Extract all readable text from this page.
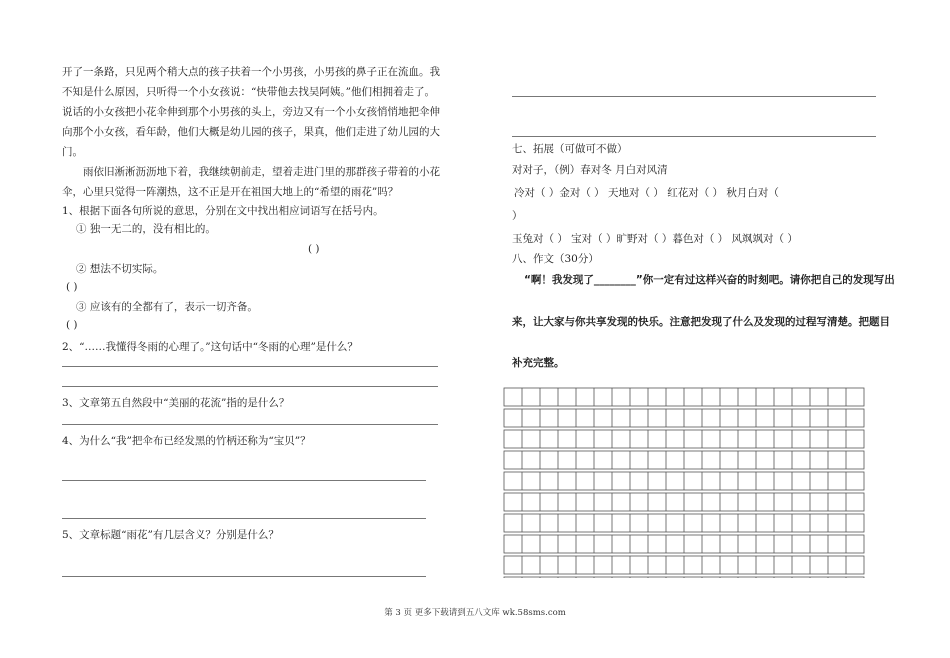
开了一条路，只见两个稍大点的孩子扶着一个小男孩，小男孩的鼻子正在流血。我不知是什么原因，只听得一个小女孩说：“快带他去找吴阿姨。”他们相拥着走了。说话的小女孩把小花伞伸到那个小男孩的头上，旁边又有一个小女孩悄悄地把伞伸向那个小女孩，看年龄，他们大概是幼儿园的孩子，果真，他们走进了幼儿园的大门。
雨依旧淅淅沥沥地下着，我继续朝前走，望着走进门里的那群孩子带着的小花伞，心里只觉得一阵潮热，这不正是开在祖国大地上的“希望的雨花”吗？
1、根据下面各句所说的意思，分别在文中找出相应词语写在括号内。
① 独一无二的，没有相比的。
( )
② 想法不切实际。
( )
③ 应该有的全都有了，表示一切齐备。
( )
2、“……我懂得冬雨的心理了。”这句话中“冬雨的心理”是什么？
3、文章第五自然段中“美丽的花流”指的是什么？
4、为什么“我”把伞布已经发黑的竹柄还称为“宝贝”？
5、文章标题“雨花”有几层含义？分别是什么？
七、拓展（可做可不做）
对对子，（例）春对冬 月白对风清
冷对（ ）金对（ ） 天地对（ ） 红花对（ ） 秋月白对（
）
玉兔对（ ） 宝对（ ）旷野对（ ）暮色对（ ） 风飒飒对（ ）
八、作文（30分）
“啊！我发现了________”你一定有过这样兴奋的时刻吧。请你把自己的发现写出
来，让大家与你共享发现的快乐。注意把发现了什么及发现的过程写清楚。把题目
补充完整。
第 3 页 更多下载请到五八文库 wk.58sms.com
